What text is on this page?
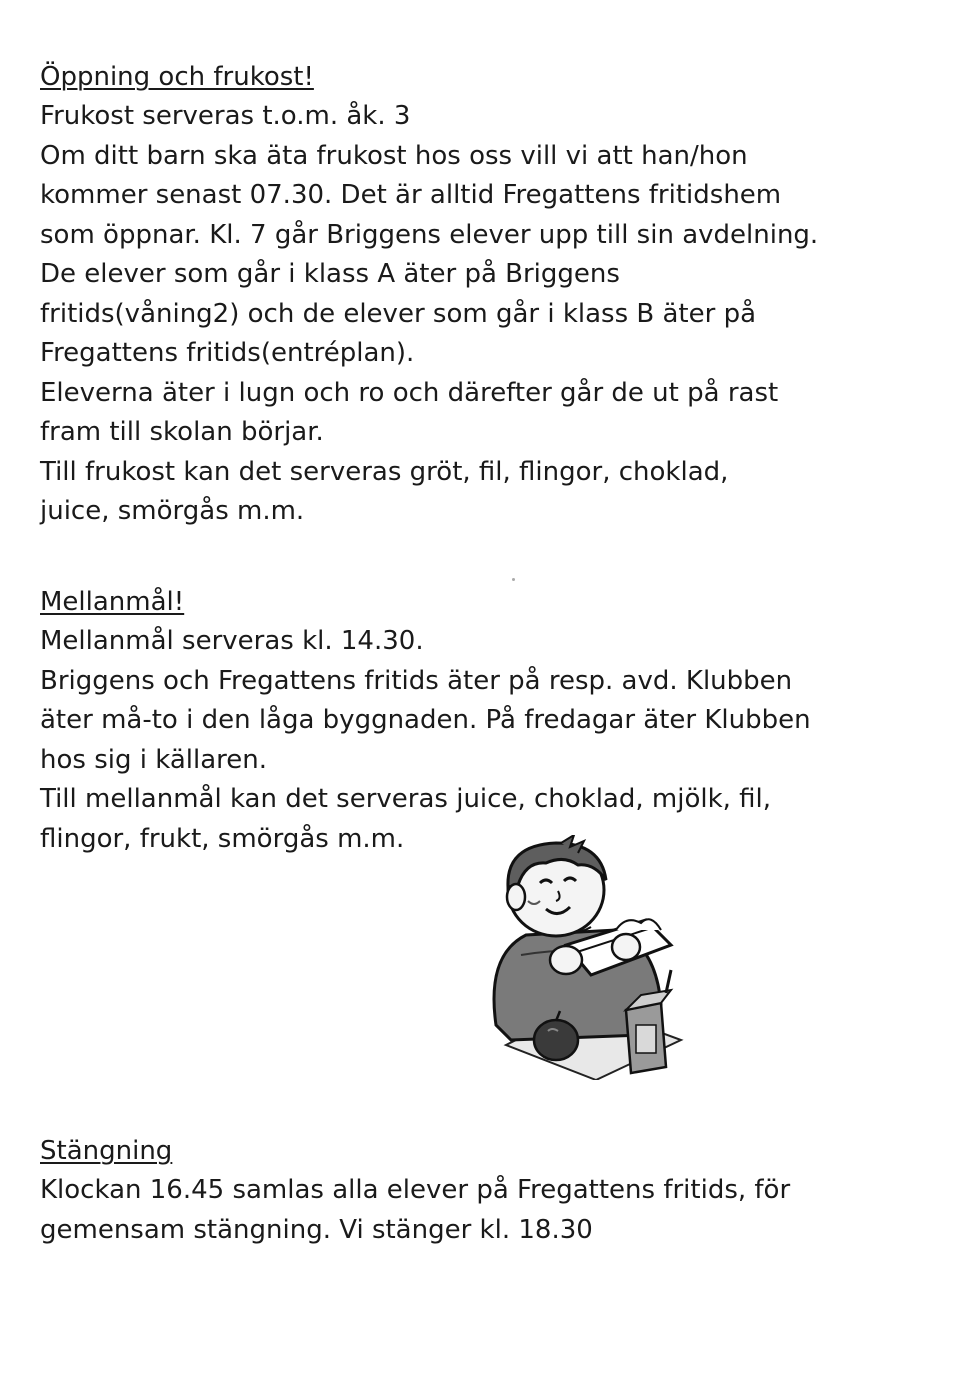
Öppning och frukost!

Frukost serveras t.o.m. åk. 3

Om ditt barn ska äta frukost hos oss vill vi att han/hon

kommer senast 07.30. Det är alltid Fregattens fritidshem

som öppnar. Kl. 7 går Briggens elever upp till sin avdelning.

De elever som går i klass A äter på Briggens

fritids(våning2) och de elever som går i klass B äter på

Fregattens fritids(entréplan).

Eleverna äter i lugn och ro och därefter går de ut på rast

fram till skolan börjar.

Till frukost kan det serveras gröt, fil, flingor, choklad,

juice, smörgås m.m.

Mellanmål!

Mellanmål serveras kl. 14.30.

Briggens och Fregattens fritids äter på resp. avd. Klubben

äter må-to i den låga byggnaden. På fredagar äter Klubben

hos sig i källaren.

Till mellanmål kan det serveras juice, choklad, mjölk, fil,

flingor, frukt, smörgås m.m.

Stängning

Klockan 16.45 samlas alla elever på Fregattens fritids, för

gemensam stängning. Vi stänger kl. 18.30
